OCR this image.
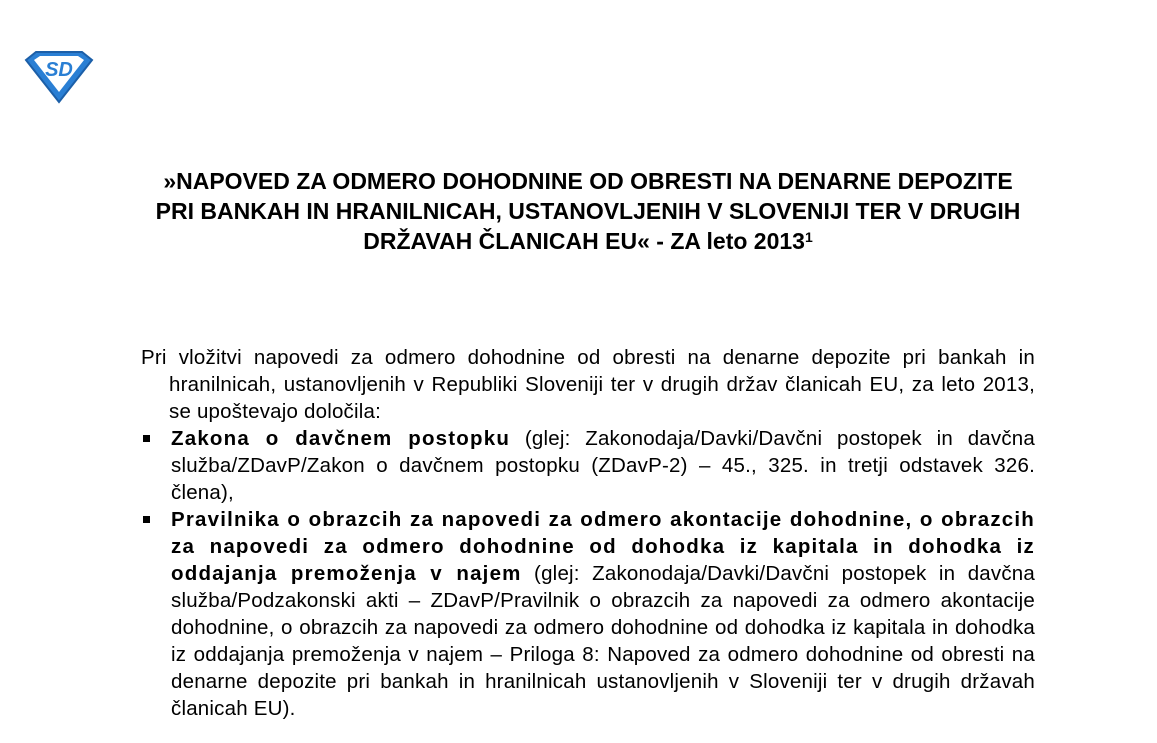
SD
»NAPOVED ZA ODMERO DOHODNINE OD OBRESTI NA DENARNE DEPOZITE PRI BANKAH IN HRANILNICAH, USTANOVLJENIH V SLOVENIJI TER V DRUGIH DRŽAVAH ČLANICAH EU« - ZA leto 2013$^1$

Pri vložitvi napovedi za odmero dohodnine od obresti na denarne depozite pri bankah in hranilnicah, ustanovljenih v Republiki Sloveniji ter v drugih držav članicah EU, za leto 2013, se upoštevajo določila:

Zakona o davčnem postopku (glej: Zakonodaja/Davki/Davčni postopek in davčna služba/ZDavP/Zakon o davčnem postopku (ZDavP-2) – 45., 325. in tretji odstavek 326. člena),

Pravilnika o obrazcih za napovedi za odmero akontacije dohodnine, o obrazcih za napovedi za odmero dohodnine od dohodka iz kapitala in dohodka iz oddajanja premoženja v najem (glej: Zakonodaja/Davki/Davčni postopek in davčna služba/Podzakonski akti – ZDavP/Pravilnik o obrazcih za napovedi za odmero akontacije dohodnine, o obrazcih za napovedi za odmero dohodnine od dohodka iz kapitala in dohodka iz oddajanja premoženja v najem – Priloga 8: Napoved za odmero dohodnine od obresti na denarne depozite pri bankah in hranilnicah ustanovljenih v Sloveniji ter v drugih državah članicah EU).
